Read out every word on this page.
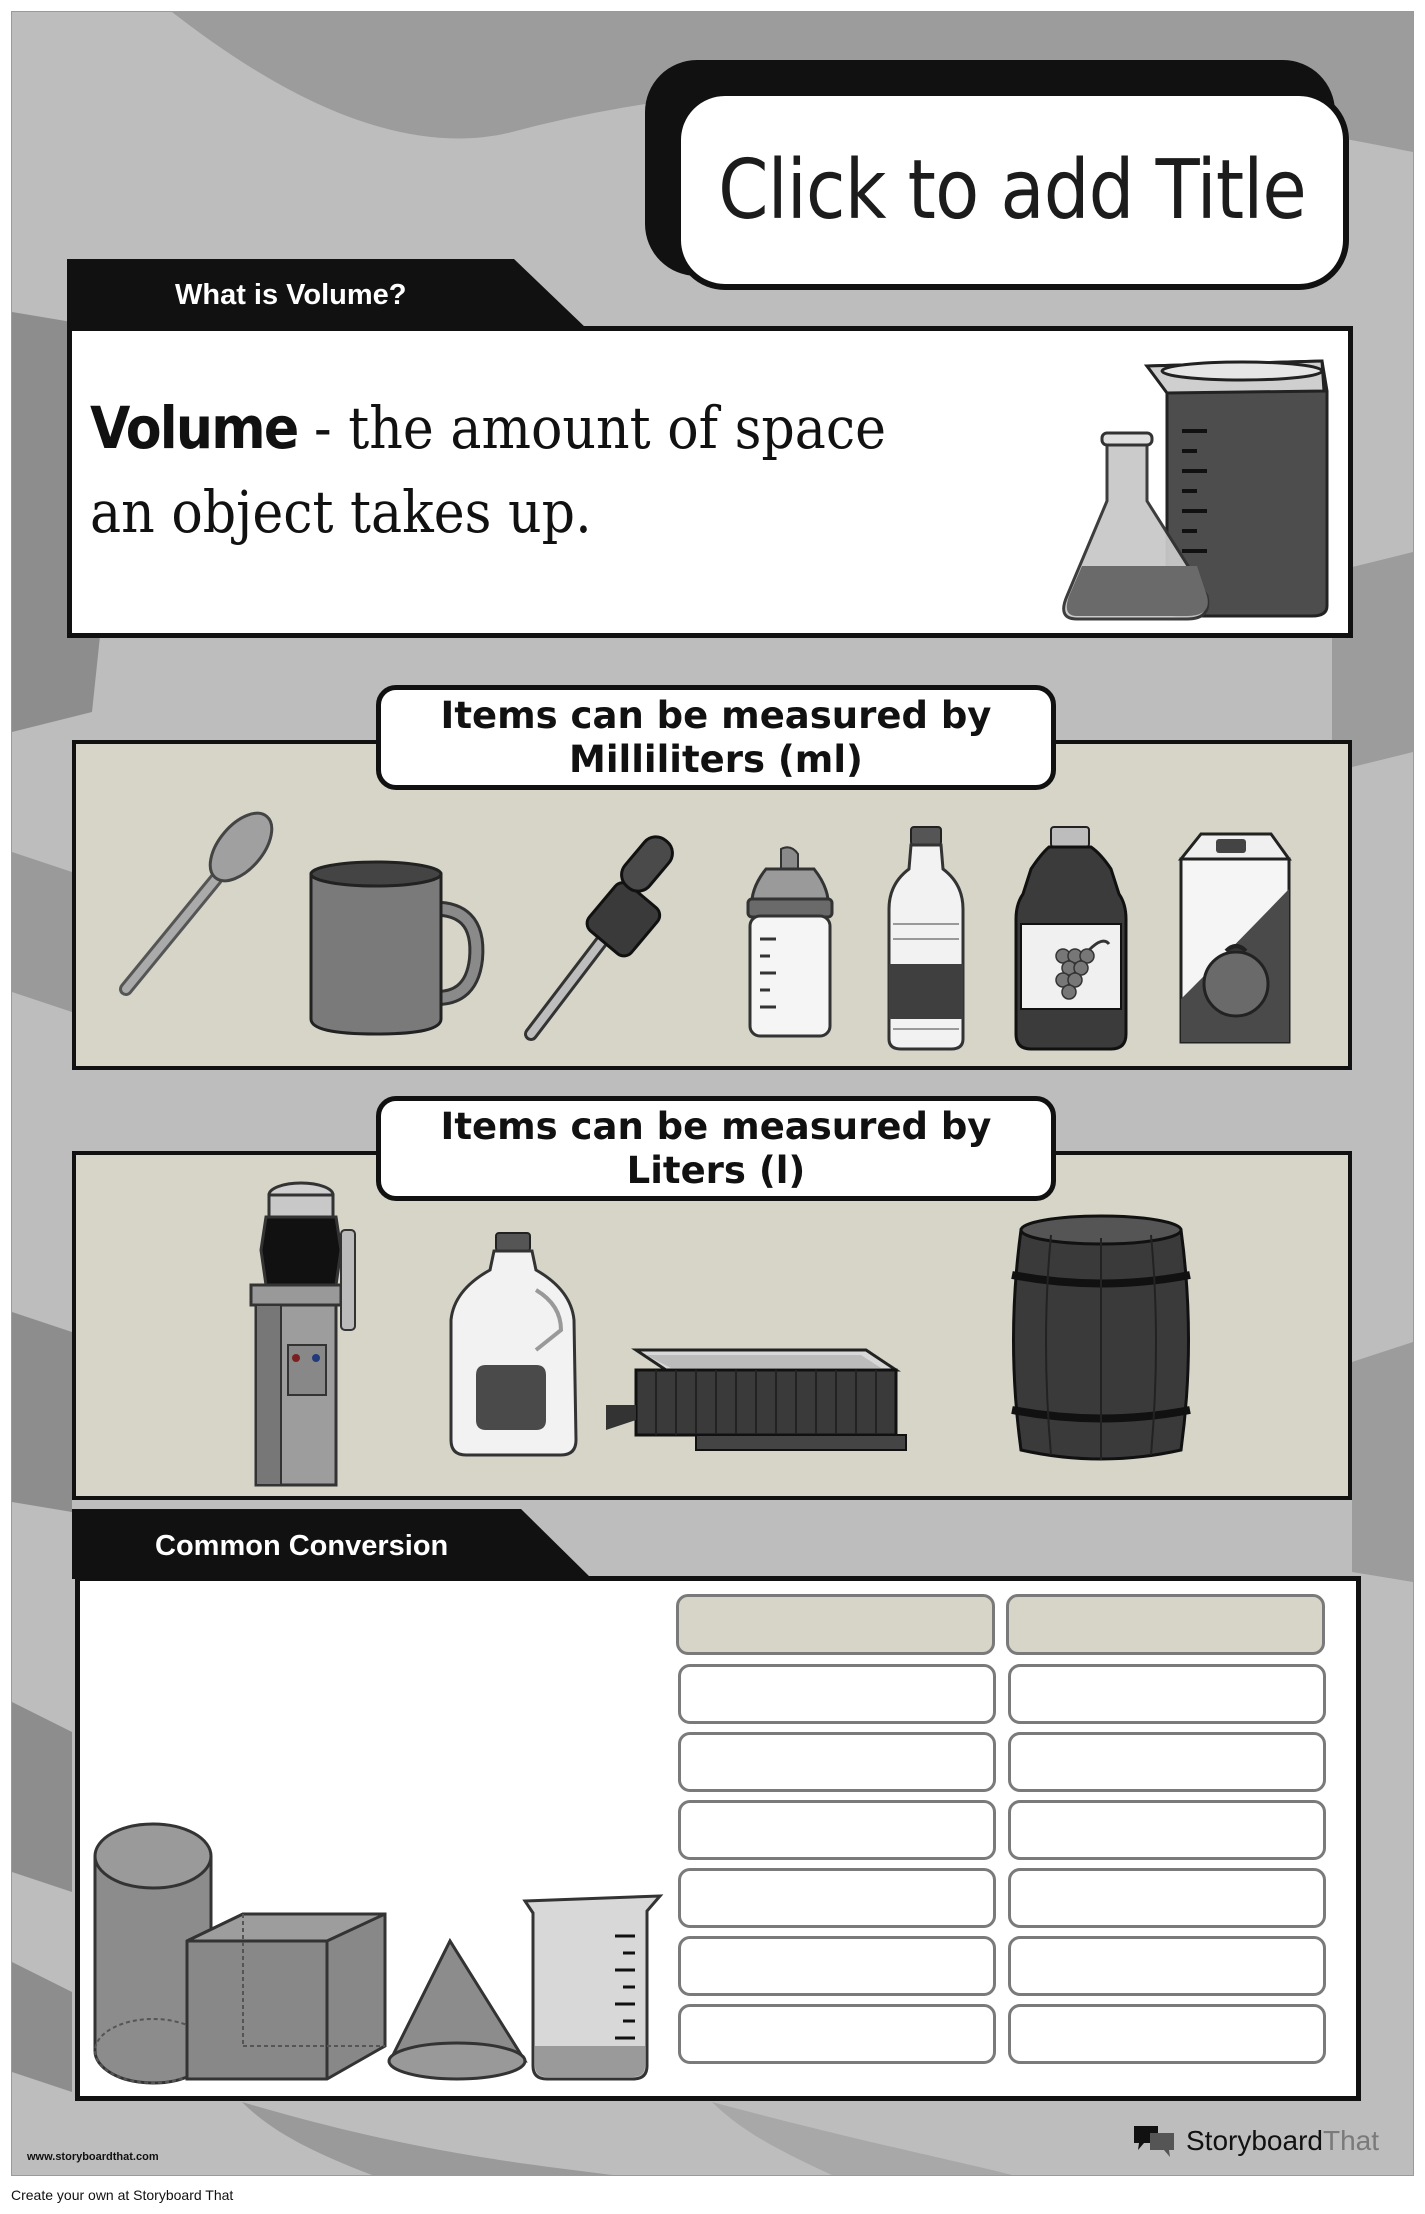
Click to add Title
What is Volume?
Volume - the amount of space
an object takes up.
Items can be measured by
Milliliters (ml)
Items can be measured by
Liters (l)
Common Conversion
www.storyboardthat.com
Storyboard That
Create your own at Storyboard That
